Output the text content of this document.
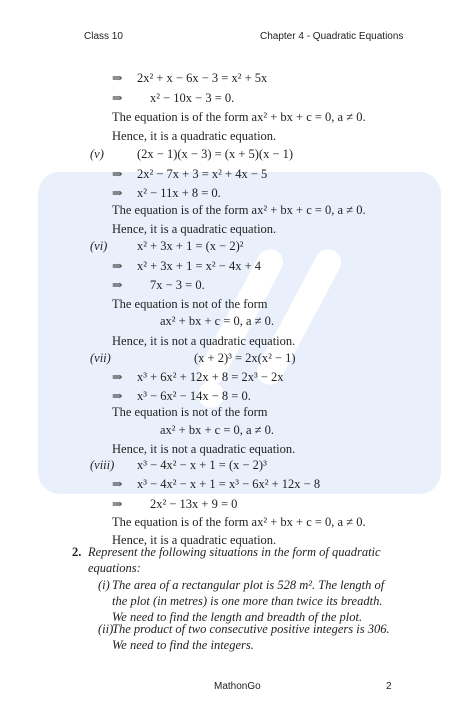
Class 10	Chapter 4 - Quadratic Equations
⇒ 2x² + x − 6x − 3 = x² + 5x
⇒ x² − 10x − 3 = 0.
The equation is of the form ax² + bx + c = 0, a ≠ 0.
Hence, it is a quadratic equation.
(v)	(2x − 1)(x − 3) = (x + 5)(x − 1)
⇒ 2x² − 7x + 3 = x² + 4x − 5
⇒ x² − 11x + 8 = 0.
The equation is of the form ax² + bx + c = 0, a ≠ 0.
Hence, it is a quadratic equation.
(vi) x² + 3x + 1 = (x − 2)²
⇒ x² + 3x + 1 = x² − 4x + 4
⇒ 7x − 3 = 0.
The equation is not of the form
ax² + bx + c = 0, a ≠ 0.
Hence, it is not a quadratic equation.
(vii)	(x + 2)³ = 2x(x² − 1)
⇒ x³ + 6x² + 12x + 8 = 2x³ − 2x
⇒ x³ − 6x² − 14x − 8 = 0.
The equation is not of the form
ax² + bx + c = 0, a ≠ 0.
Hence, it is not a quadratic equation.
(viii) x³ − 4x² − x + 1 = (x − 2)³
⇒ x³ − 4x² − x + 1 = x³ − 6x² + 12x − 8
⇒ 2x² − 13x + 9 = 0
The equation is of the form ax² + bx + c = 0, a ≠ 0.
Hence, it is a quadratic equation.
2. Represent the following situations in the form of quadratic
equations:
(i) The area of a rectangular plot is 528 m². The length of
the plot (in metres) is one more than twice its breadth.
We need to find the length and breadth of the plot.
(ii)
The product of two consecutive positive integers is 306.
We need to find the integers.
MathonGo	2
